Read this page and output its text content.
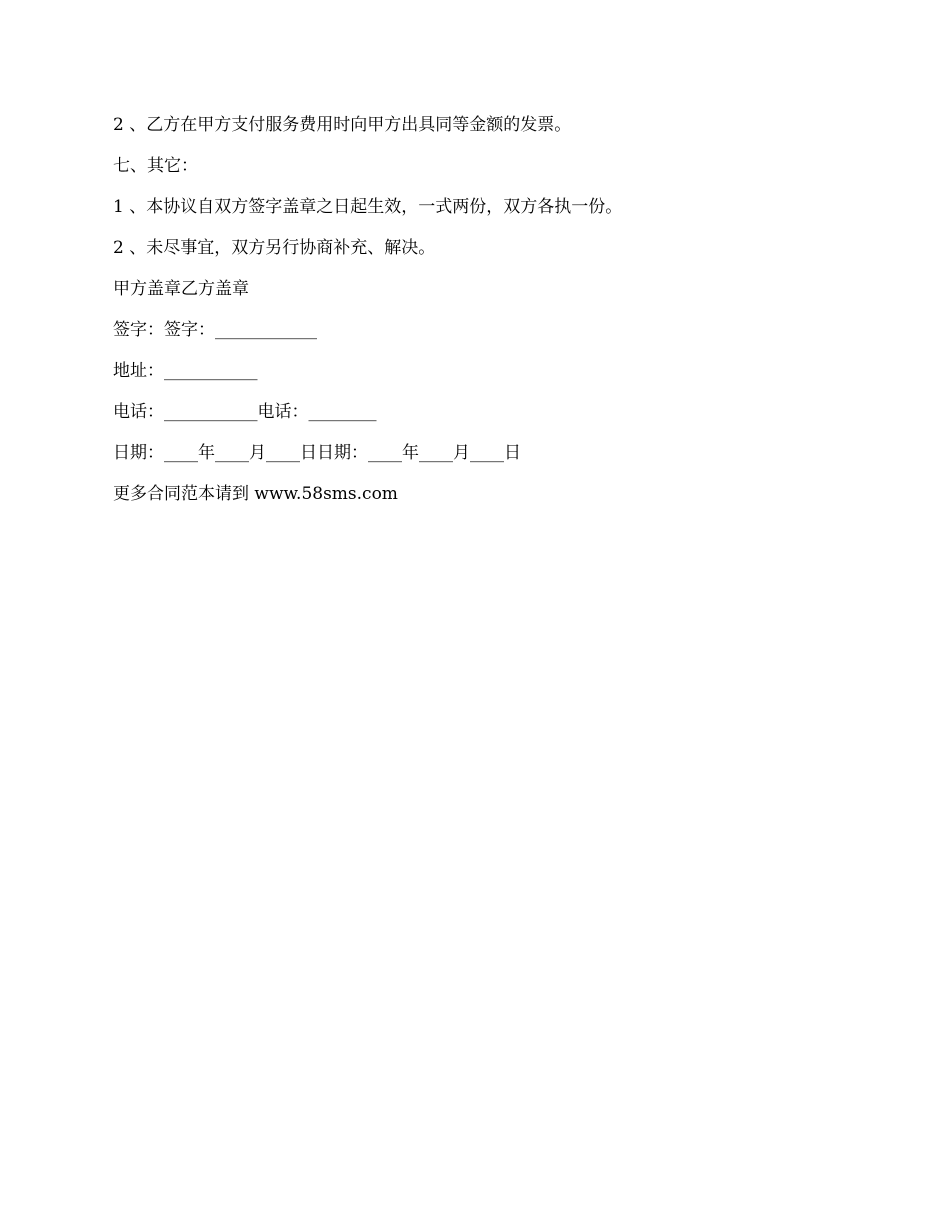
2 、乙方在甲方支付服务费用时向甲方出具同等金额的发票。
七、其它：
1 、本协议自双方签字盖章之日起生效，一式两份，双方各执一份。
2 、未尽事宜，双方另行协商补充、解决。
甲方盖章乙方盖章
签字：签字：____________
地址：___________
电话：___________电话：________
日期：____年____月____日日期：____年____月____日
更多合同范本请到 www.58sms.com
